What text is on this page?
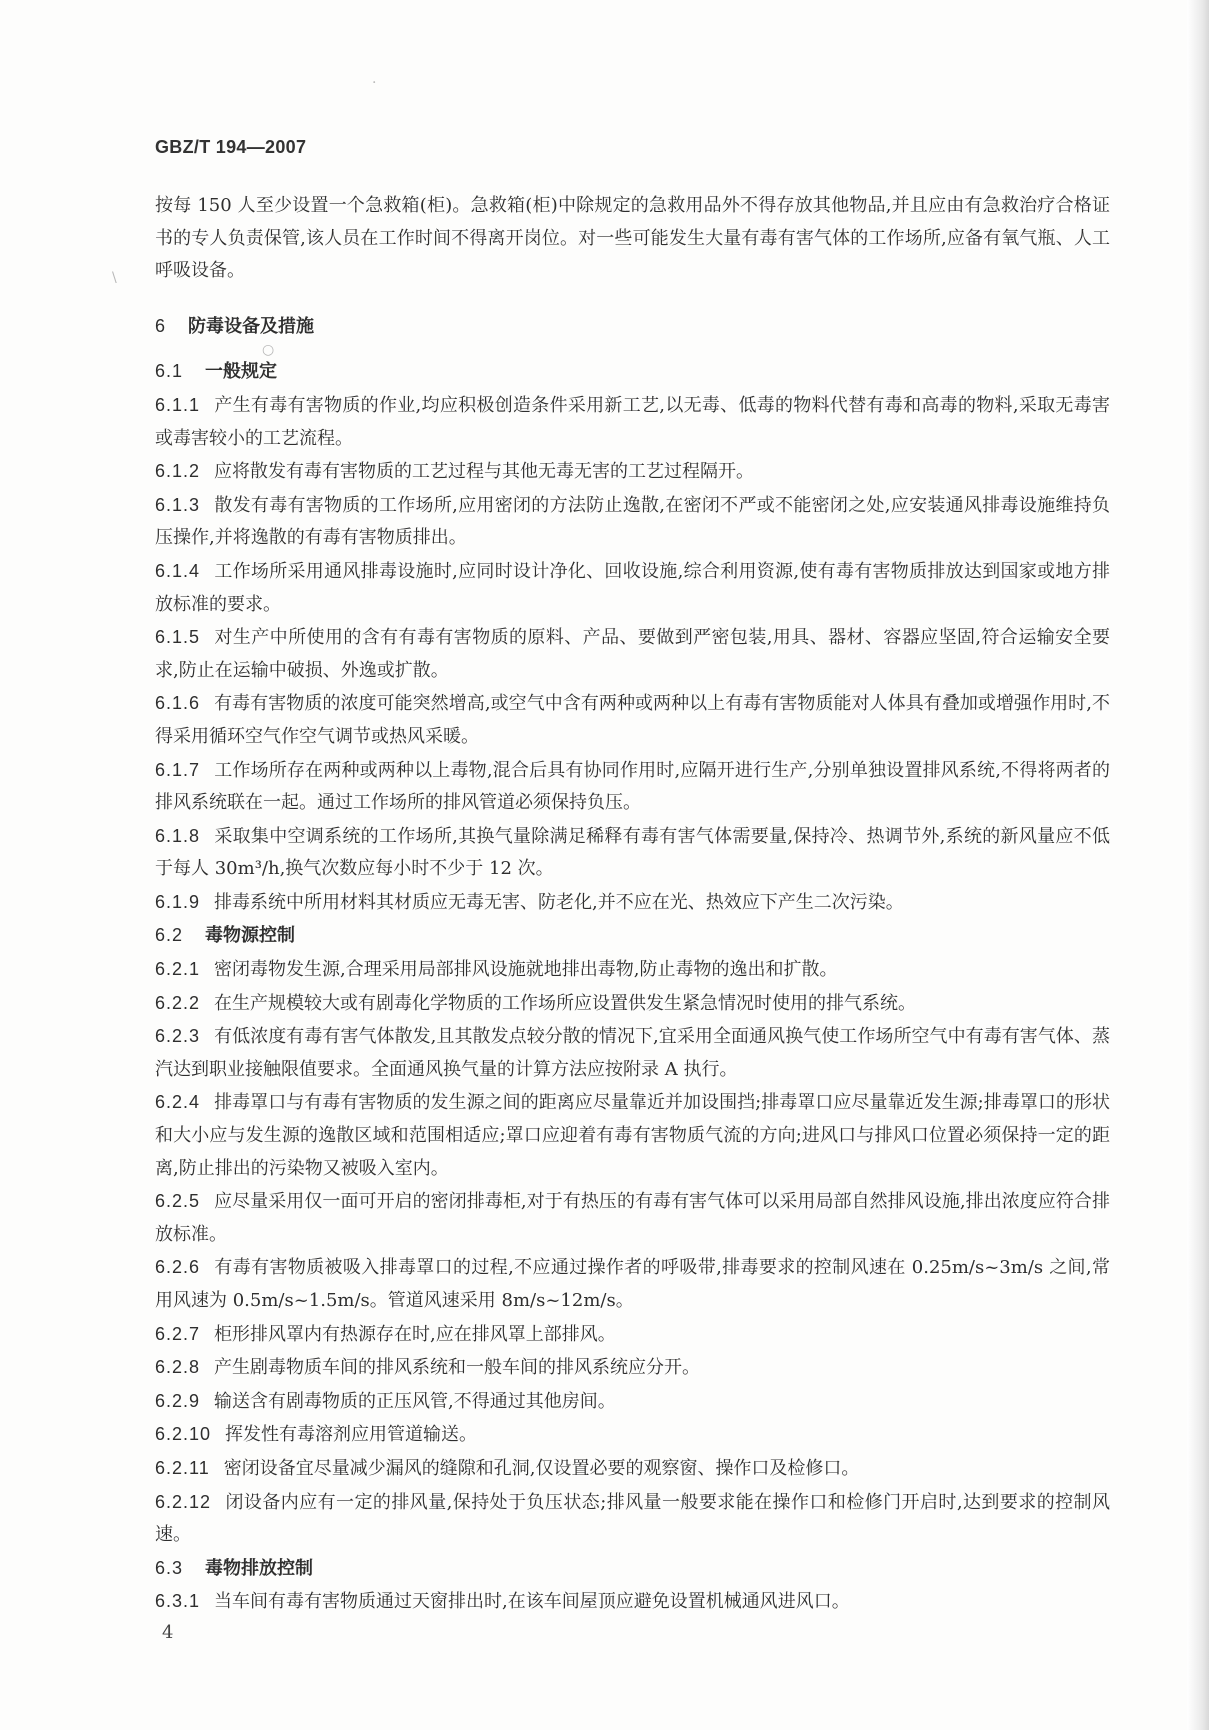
·
\
○
GBZ/T 194—2007

按每 150 人至少设置一个急救箱(柜)。急救箱(柜)中除规定的急救用品外不得存放其他物品,并且应由有急救治疗合格证书的专人负责保管,该人员在工作时间不得离开岗位。对一些可能发生大量有毒有害气体的工作场所,应备有氧气瓶、人工呼吸设备。

6 防毒设备及措施

6.1 一般规定

6.1.1 产生有毒有害物质的作业,均应积极创造条件采用新工艺,以无毒、低毒的物料代替有毒和高毒的物料,采取无毒害或毒害较小的工艺流程。

6.1.2 应将散发有毒有害物质的工艺过程与其他无毒无害的工艺过程隔开。

6.1.3 散发有毒有害物质的工作场所,应用密闭的方法防止逸散,在密闭不严或不能密闭之处,应安装通风排毒设施维持负压操作,并将逸散的有毒有害物质排出。

6.1.4 工作场所采用通风排毒设施时,应同时设计净化、回收设施,综合利用资源,使有毒有害物质排放达到国家或地方排放标准的要求。

6.1.5 对生产中所使用的含有有毒有害物质的原料、产品、要做到严密包装,用具、器材、容器应坚固,符合运输安全要求,防止在运输中破损、外逸或扩散。

6.1.6 有毒有害物质的浓度可能突然增高,或空气中含有两种或两种以上有毒有害物质能对人体具有叠加或增强作用时,不得采用循环空气作空气调节或热风采暖。

6.1.7 工作场所存在两种或两种以上毒物,混合后具有协同作用时,应隔开进行生产,分别单独设置排风系统,不得将两者的排风系统联在一起。通过工作场所的排风管道必须保持负压。

6.1.8 采取集中空调系统的工作场所,其换气量除满足稀释有毒有害气体需要量,保持冷、热调节外,系统的新风量应不低于每人 30m³/h,换气次数应每小时不少于 12 次。

6.1.9 排毒系统中所用材料其材质应无毒无害、防老化,并不应在光、热效应下产生二次污染。

6.2 毒物源控制

6.2.1 密闭毒物发生源,合理采用局部排风设施就地排出毒物,防止毒物的逸出和扩散。

6.2.2 在生产规模较大或有剧毒化学物质的工作场所应设置供发生紧急情况时使用的排气系统。

6.2.3 有低浓度有毒有害气体散发,且其散发点较分散的情况下,宜采用全面通风换气使工作场所空气中有毒有害气体、蒸汽达到职业接触限值要求。全面通风换气量的计算方法应按附录 A 执行。

6.2.4 排毒罩口与有毒有害物质的发生源之间的距离应尽量靠近并加设围挡;排毒罩口应尽量靠近发生源;排毒罩口的形状和大小应与发生源的逸散区域和范围相适应;罩口应迎着有毒有害物质气流的方向;进风口与排风口位置必须保持一定的距离,防止排出的污染物又被吸入室内。

6.2.5 应尽量采用仅一面可开启的密闭排毒柜,对于有热压的有毒有害气体可以采用局部自然排风设施,排出浓度应符合排放标准。

6.2.6 有毒有害物质被吸入排毒罩口的过程,不应通过操作者的呼吸带,排毒要求的控制风速在 0.25m/s~3m/s 之间,常用风速为 0.5m/s~1.5m/s。管道风速采用 8m/s~12m/s。

6.2.7 柜形排风罩内有热源存在时,应在排风罩上部排风。

6.2.8 产生剧毒物质车间的排风系统和一般车间的排风系统应分开。

6.2.9 输送含有剧毒物质的正压风管,不得通过其他房间。

6.2.10 挥发性有毒溶剂应用管道输送。

6.2.11 密闭设备宜尽量减少漏风的缝隙和孔洞,仅设置必要的观察窗、操作口及检修口。

6.2.12 闭设备内应有一定的排风量,保持处于负压状态;排风量一般要求能在操作口和检修门开启时,达到要求的控制风速。

6.3 毒物排放控制

6.3.1 当车间有毒有害物质通过天窗排出时,在该车间屋顶应避免设置机械通风进风口。

4
